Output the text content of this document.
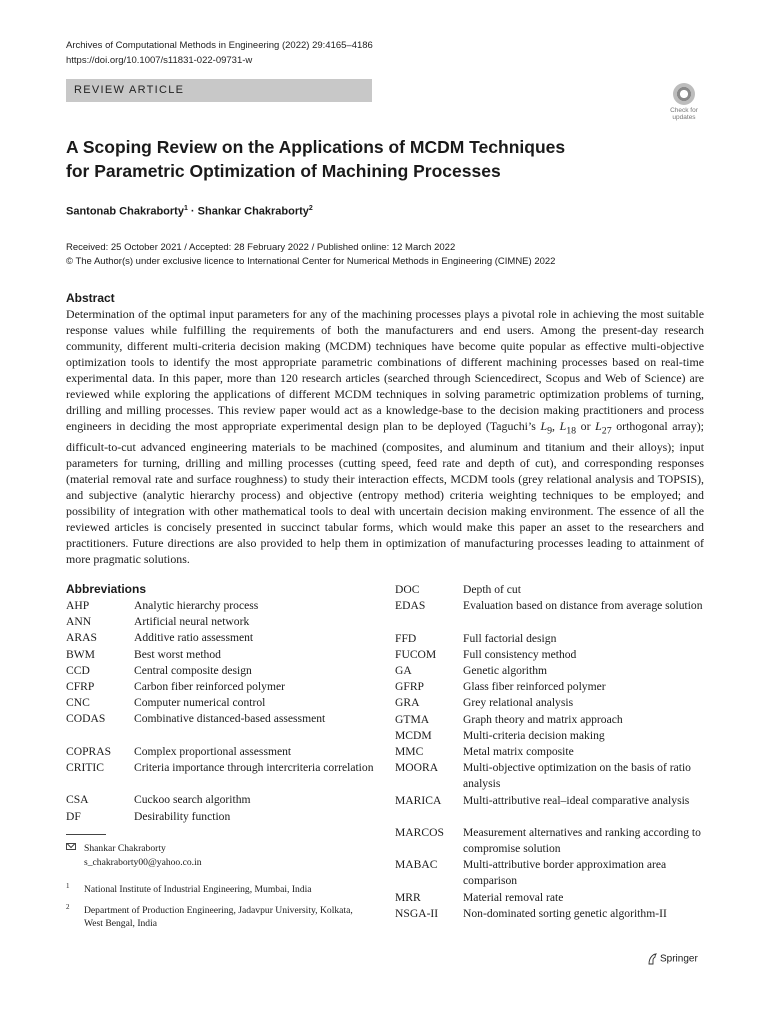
Archives of Computational Methods in Engineering (2022) 29:4165–4186
https://doi.org/10.1007/s11831-022-09731-w
REVIEW ARTICLE
Check for
updates
A Scoping Review on the Applications of MCDM Techniques
for Parametric Optimization of Machining Processes
Santonab Chakraborty$^1$ · Shankar Chakraborty$^2$
Received: 25 October 2021 / Accepted: 28 February 2022 / Published online: 12 March 2022
© The Author(s) under exclusive licence to International Center for Numerical Methods in Engineering (CIMNE) 2022
Abstract

Determination of the optimal input parameters for any of the machining processes plays a pivotal role in achieving the most suitable response values while fulfilling the requirements of both the manufacturers and end users. Among the present-day research community, different multi-criteria decision making (MCDM) techniques have become quite popular as effective multi-objective optimization tools to identify the most appropriate parametric combinations of different machining processes based on real-time experimental data. In this paper, more than 120 research articles (searched through Sciencedirect, Scopus and Web of Science) are reviewed while exploring the applications of different MCDM techniques in solving parametric optimization problems of turning, drilling and milling processes. This review paper would act as a knowledge-base to the decision making practitioners and process engineers in deciding the most appropriate experimental design plan to be deployed (Taguchi’s $L_9$, $L_{18}$ or $L_{27}$ orthogonal array); difficult-to-cut advanced engineering materials to be machined (composites, and aluminum and titanium and their alloys); input parameters for turning, drilling and milling processes (cutting speed, feed rate and depth of cut), and corresponding responses (material removal rate and surface roughness) to study their interaction effects, MCDM tools (grey relational analysis and TOPSIS), and subjective (analytic hierarchy process) and objective (entropy method) criteria weighting techniques to be employed; and possibility of integration with other mathematical tools to deal with uncertain decision making environment. The essence of all the reviewed articles is concisely presented in succinct tabular forms, which would make this paper an asset to the researchers and practitioners. Future directions are also provided to help them in optimization of manufacturing processes leading to attainment of more pragmatic solutions.

Abbreviations
AHP	Analytic hierarchy process
ANN	Artificial neural network
ARAS	Additive ratio assessment
BWM	Best worst method
CCD	Central composite design
CFRP	Carbon fiber reinforced polymer
CNC	Computer numerical control
CODAS Combinative distanced-based assessment
COPRAS Complex proportional assessment
CRITIC	Criteria importance through intercriteria correlation
CSA	Cuckoo search algorithm
DF	Desirability function
DOC	Depth of cut
EDAS	Evaluation based on distance from average solution
FFD	Full factorial design
FUCOM Full consistency method
GA	Genetic algorithm
GFRP	Glass fiber reinforced polymer
GRA	Grey relational analysis
GTMA	Graph theory and matrix approach
MCDM	Multi-criteria decision making
MMC	Metal matrix composite
MOORA Multi-objective optimization on the basis of ratio analysis
MARICA Multi-attributive real–ideal comparative analysis
MARCOS Measurement alternatives and ranking according to compromise solution
MABAC Multi-attributive border approximation area comparison
MRR	Material removal rate
NSGA-II Non-dominated sorting genetic algorithm-II
Shankar Chakraborty
s_chakraborty00@yahoo.co.in
1 National Institute of Industrial Engineering, Mumbai, India
2 Department of Production Engineering, Jadavpur University, Kolkata, West Bengal, India
Springer
